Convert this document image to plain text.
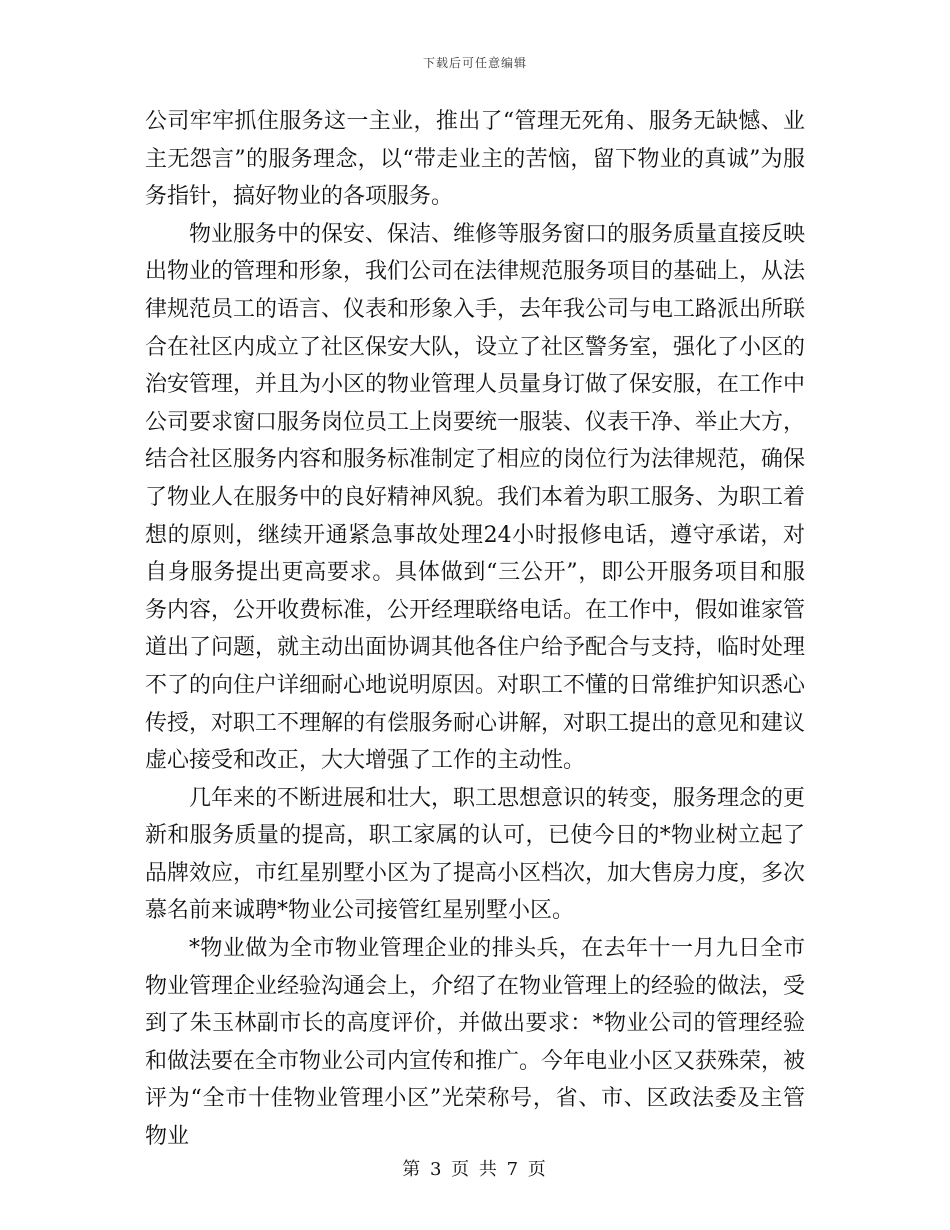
下载后可任意编辑

公司牢牢抓住服务这一主业，推出了“管理无死角、服务无缺憾、业主无怨言”的服务理念，以“带走业主的苦恼，留下物业的真诚”为服务指针，搞好物业的各项服务。

物业服务中的保安、保洁、维修等服务窗口的服务质量直接反映出物业的管理和形象，我们公司在法律规范服务项目的基础上，从法律规范员工的语言、仪表和形象入手，去年我公司与电工路派出所联合在社区内成立了社区保安大队，设立了社区警务室，强化了小区的治安管理，并且为小区的物业管理人员量身订做了保安服，在工作中公司要求窗口服务岗位员工上岗要统一服装、仪表干净、举止大方，结合社区服务内容和服务标准制定了相应的岗位行为法律规范，确保了物业人在服务中的良好精神风貌。我们本着为职工服务、为职工着想的原则，继续开通紧急事故处理24小时报修电话，遵守承诺，对自身服务提出更高要求。具体做到“三公开”，即公开服务项目和服务内容，公开收费标准，公开经理联络电话。在工作中，假如谁家管道出了问题，就主动出面协调其他各住户给予配合与支持，临时处理不了的向住户详细耐心地说明原因。对职工不懂的日常维护知识悉心传授，对职工不理解的有偿服务耐心讲解，对职工提出的意见和建议虚心接受和改正，大大增强了工作的主动性。

几年来的不断进展和壮大，职工思想意识的转变，服务理念的更新和服务质量的提高，职工家属的认可，已使今日的*物业树立起了品牌效应，市红星别墅小区为了提高小区档次，加大售房力度，多次慕名前来诚聘*物业公司接管红星别墅小区。

*物业做为全市物业管理企业的排头兵，在去年十一月九日全市物业管理企业经验沟通会上，介绍了在物业管理上的经验的做法，受到了朱玉林副市长的高度评价，并做出要求：*物业公司的管理经验和做法要在全市物业公司内宣传和推广。今年电业小区又获殊荣，被评为“全市十佳物业管理小区”光荣称号，省、市、区政法委及主管物业

第 3 页 共 7 页
